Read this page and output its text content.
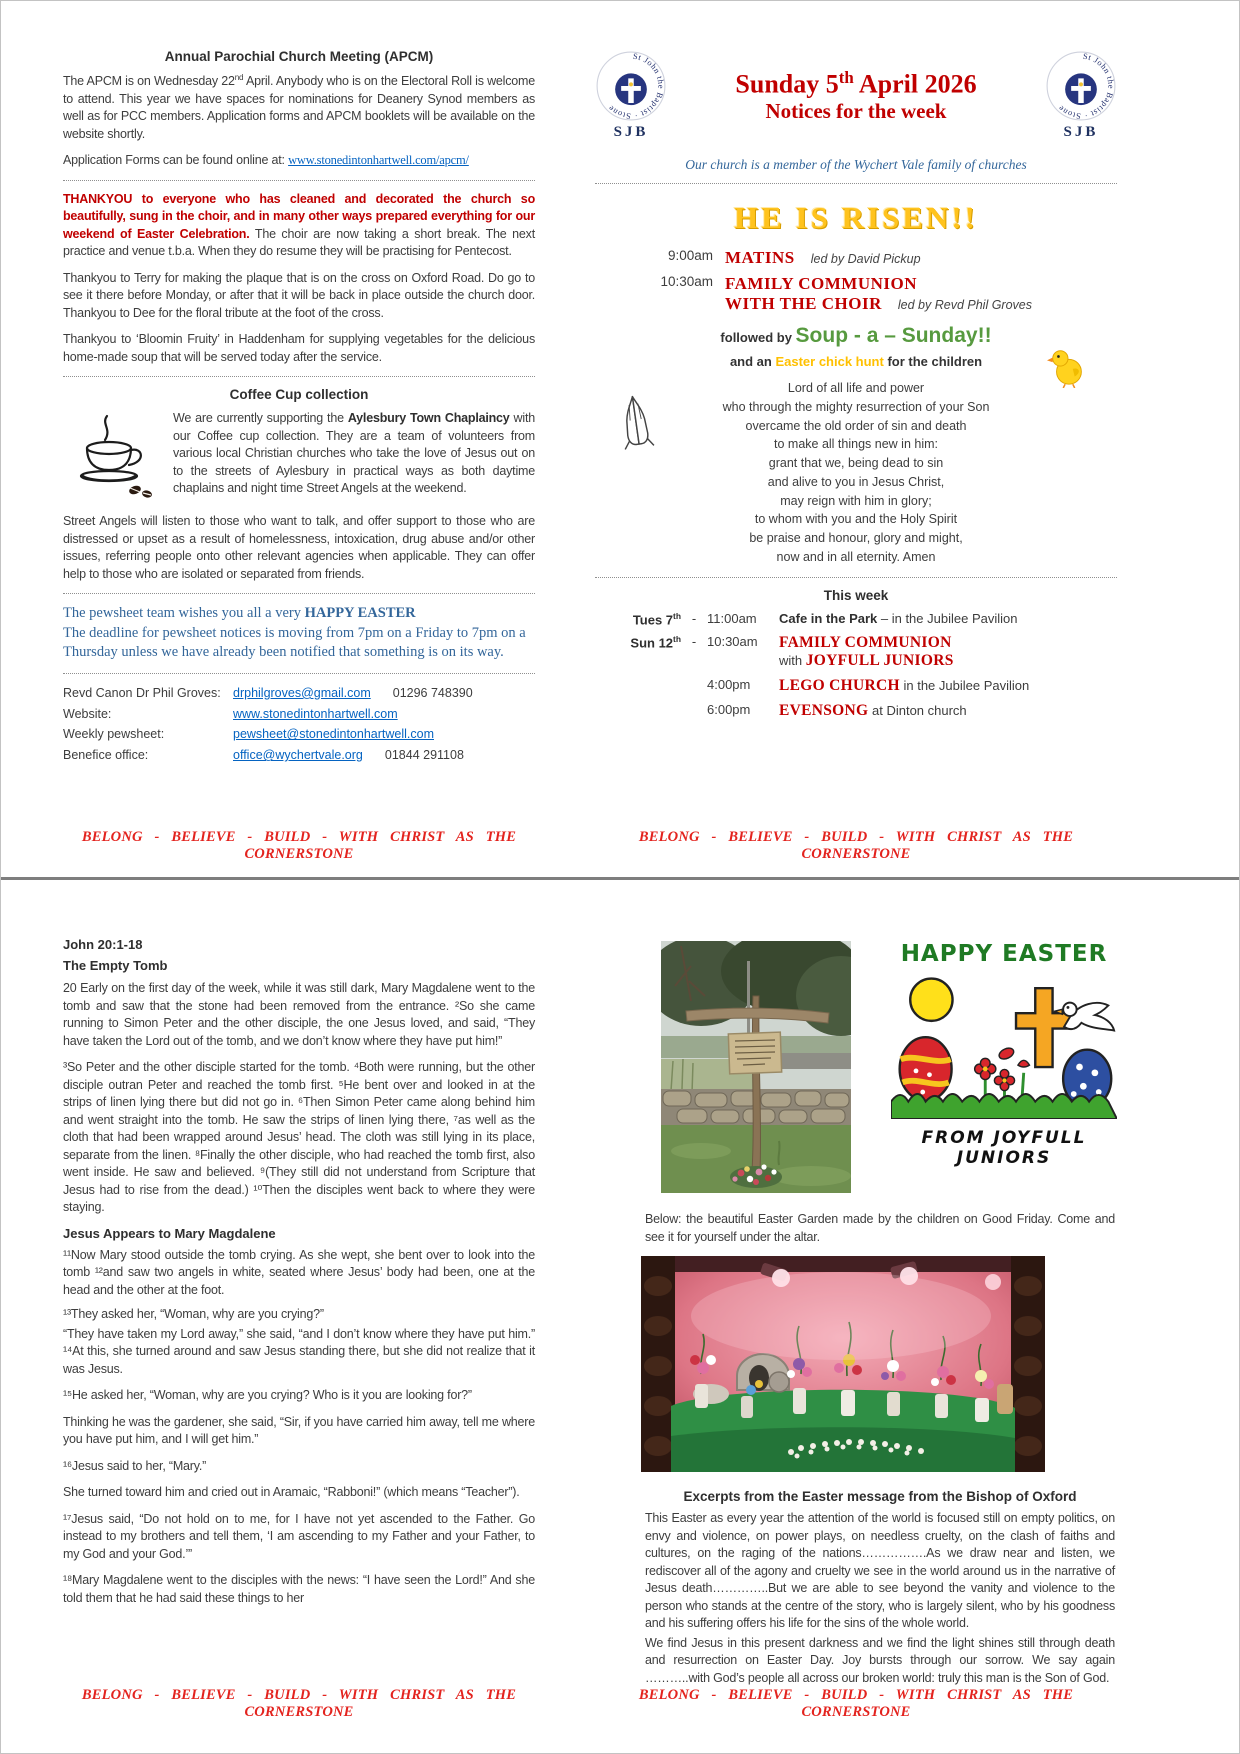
Annual Parochial Church Meeting (APCM)

The APCM is on Wednesday 22nd April. Anybody who is on the Electoral Roll is welcome to attend. This year we have spaces for nominations for Deanery Synod members as well as for PCC members. Application forms and APCM booklets will be available on the website shortly.

Application Forms can be found online at: www.stonedintonhartwell.com/apcm/

THANKYOU to everyone who has cleaned and decorated the church so beautifully, sung in the choir, and in many other ways prepared everything for our weekend of Easter Celebration. The choir are now taking a short break. The next practice and venue t.b.a. When they do resume they will be practising for Pentecost.

Thankyou to Terry for making the plaque that is on the cross on Oxford Road. Do go to see it there before Monday, or after that it will be back in place outside the church door. Thankyou to Dee for the floral tribute at the foot of the cross.

Thankyou to ‘Bloomin Fruity’ in Haddenham for supplying vegetables for the delicious home-made soup that will be served today after the service.

Coffee Cup collection

We are currently supporting the Aylesbury Town Chaplaincy with our Coffee cup collection. They are a team of volunteers from various local Christian churches who take the love of Jesus out on to the streets of Aylesbury in practical ways as both daytime chaplains and night time Street Angels at the weekend.

Street Angels will listen to those who want to talk, and offer support to those who are distressed or upset as a result of homelessness, intoxication, drug abuse and/or other issues, referring people onto other relevant agencies when applicable. They can offer help to those who are isolated or separated from friends.

The pewsheet team wishes you all a very HAPPY EASTER
The deadline for pewsheet notices is moving from 7pm on a Friday to 7pm on a Thursday unless we have already been notified that something is on its way.
Revd Canon Dr Phil Groves: drphilgroves@gmail.com 01296 748390
Website:	www.stonedintonhartwell.com
Weekly pewsheet:	pewsheet@stonedintonhartwell.com
Benefice office:	office@wychertvale.org 01844 291108
St John the Baptist · Stone
SJB
Sunday 5th April 2026
Notices for the week
St John the Baptist · Stone
SJB
Our church is a member of the Wychert Vale family of churches
HE IS RISEN!!
9:00am MATINS led by David Pickup
10:30am FAMILY COMMUNION
WITH THE CHOIR led by Revd Phil Groves
followed by Soup - a – Sunday!!
and an Easter chick hunt for the children
Lord of all life and power
who through the mighty resurrection of your Son
overcame the old order of sin and death
to make all things new in him:
grant that we, being dead to sin
and alive to you in Jesus Christ,
may reign with him in glory;
to whom with you and the Holy Spirit
be praise and honour, glory and might,
now and in all eternity. Amen
This week
Tues 7th - 11:00am	Cafe in the Park – in the Jubilee Pavilion
Sun 12th - 10:30am	FAMILY COMMUNION
with JOYFULL JUNIORS
4:00pm	LEGO CHURCH in the Jubilee Pavilion
6:00pm	EVENSONG at Dinton church
BELONG - BELIEVE - BUILD - WITH CHRIST AS THE CORNERSTONE
BELONG - BELIEVE - BUILD - WITH CHRIST AS THE CORNERSTONE
John 20:1-18
The Empty Tomb

20 Early on the first day of the week, while it was still dark, Mary Magdalene went to the tomb and saw that the stone had been removed from the entrance. ²So she came running to Simon Peter and the other disciple, the one Jesus loved, and said, “They have taken the Lord out of the tomb, and we don’t know where they have put him!”

³So Peter and the other disciple started for the tomb. ⁴Both were running, but the other disciple outran Peter and reached the tomb first. ⁵He bent over and looked in at the strips of linen lying there but did not go in. ⁶Then Simon Peter came along behind him and went straight into the tomb. He saw the strips of linen lying there, ⁷as well as the cloth that had been wrapped around Jesus’ head. The cloth was still lying in its place, separate from the linen. ⁸Finally the other disciple, who had reached the tomb first, also went inside. He saw and believed. ⁹(They still did not understand from Scripture that Jesus had to rise from the dead.) ¹⁰Then the disciples went back to where they were staying.

Jesus Appears to Mary Magdalene

¹¹Now Mary stood outside the tomb crying. As she wept, she bent over to look into the tomb ¹²and saw two angels in white, seated where Jesus’ body had been, one at the head and the other at the foot.

¹³They asked her, “Woman, why are you crying?”

“They have taken my Lord away,” she said, “and I don’t know where they have put him.” ¹⁴At this, she turned around and saw Jesus standing there, but she did not realize that it was Jesus.

¹⁵He asked her, “Woman, why are you crying? Who is it you are looking for?”

Thinking he was the gardener, she said, “Sir, if you have carried him away, tell me where you have put him, and I will get him.”

¹⁶Jesus said to her, “Mary.”

She turned toward him and cried out in Aramaic, “Rabboni!” (which means “Teacher”).

¹⁷Jesus said, “Do not hold on to me, for I have not yet ascended to the Father. Go instead to my brothers and tell them, ‘I am ascending to my Father and your Father, to my God and your God.’”

¹⁸Mary Magdalene went to the disciples with the news: “I have seen the Lord!” And she told them that he had said these things to her

HAPPY EASTER
FROM JOYFULL JUNIORS

Below: the beautiful Easter Garden made by the children on Good Friday. Come and see it for yourself under the altar.

Excerpts from the Easter message from the Bishop of Oxford

This Easter as every year the attention of the world is focused still on empty politics, on envy and violence, on power plays, on needless cruelty, on the clash of faiths and cultures, on the raging of the nations…………….As we draw near and listen, we rediscover all of the agony and cruelty we see in the world around us in the narrative of Jesus death…………..But we are able to see beyond the vanity and violence to the person who stands at the centre of the story, who is largely silent, who by his goodness and his suffering offers his life for the sins of the whole world.

We find Jesus in this present darkness and we find the light shines still through death and resurrection on Easter Day. Joy bursts through our sorrow. We say again ………..with God’s people all across our broken world: truly this man is the Son of God.

BELONG - BELIEVE - BUILD - WITH CHRIST AS THE CORNERSTONE
BELONG - BELIEVE - BUILD - WITH CHRIST AS THE CORNERSTONE
